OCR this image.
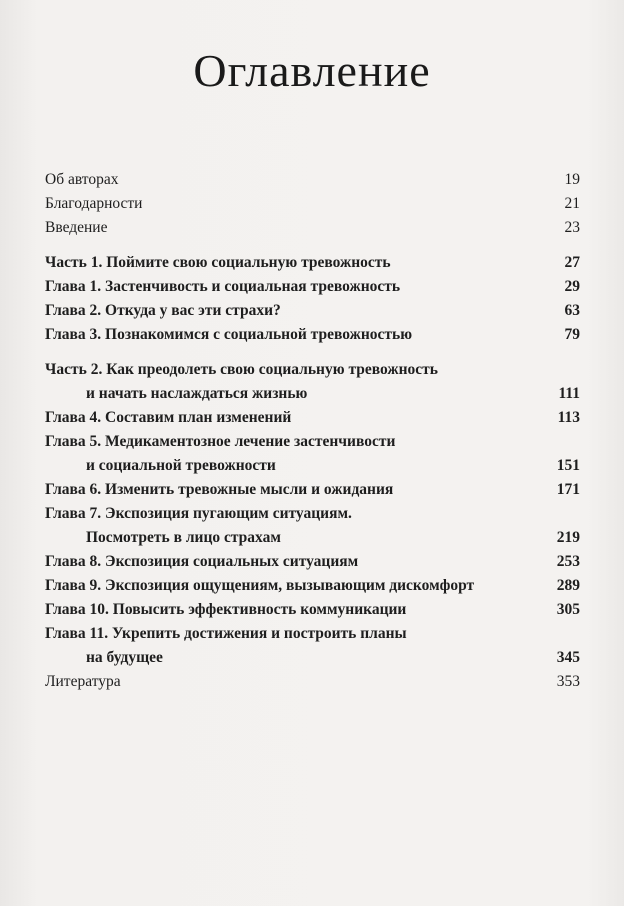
Оглавление
Об авторах	19
Благодарности	21
Введение	23
Часть 1. Поймите свою социальную тревожность	27
Глава 1. Застенчивость и социальная тревожность	29
Глава 2. Откуда у вас эти страхи?	63
Глава 3. Познакомимся с социальной тревожностью	79
Часть 2. Как преодолеть свою социальную тревожность
и начать наслаждаться жизнью	111
Глава 4. Составим план изменений	113
Глава 5. Медикаментозное лечение застенчивости
и социальной тревожности	151
Глава 6. Изменить тревожные мысли и ожидания	171
Глава 7. Экспозиция пугающим ситуациям.
Посмотреть в лицо страхам	219
Глава 8. Экспозиция социальных ситуациям	253
Глава 9. Экспозиция ощущениям, вызывающим дискомфорт	289
Глава 10. Повысить эффективность коммуникации	305
Глава 11. Укрепить достижения и построить планы
на будущее	345
Литература	353
